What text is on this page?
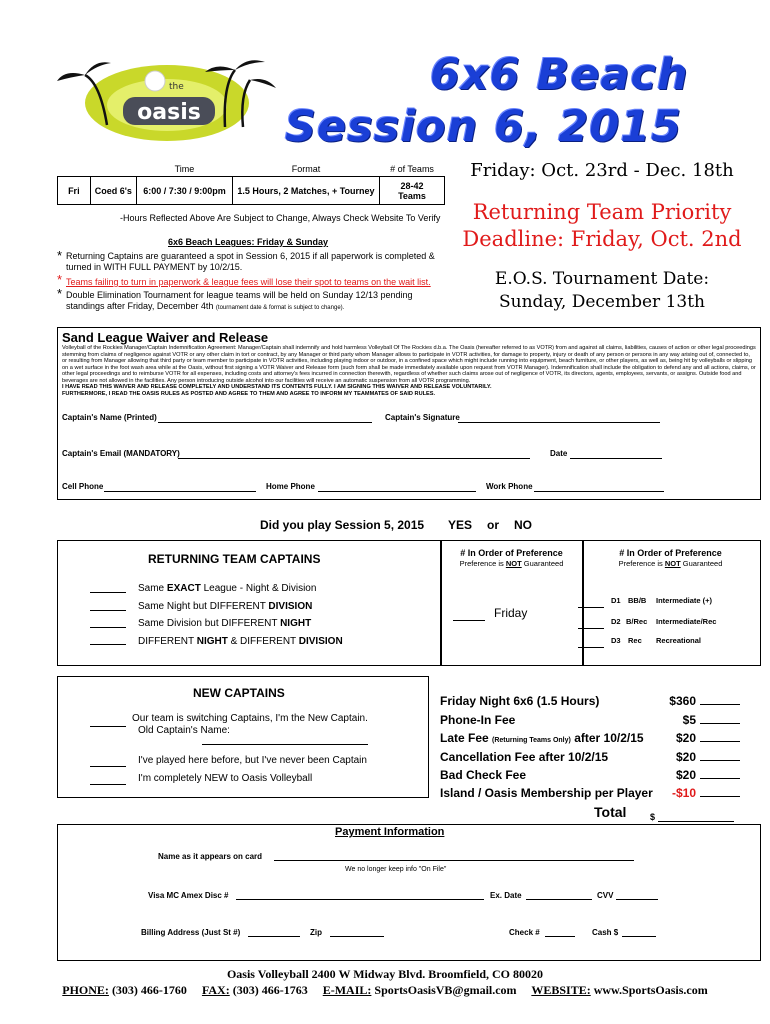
the
oasis
6x6 Beach
Session 6, 2015
		Time	Format	# of Teams
Fri	Coed 6's	6:00 / 7:30 / 9:00pm	1.5 Hours, 2 Matches, + Tourney	28-42
Teams
-Hours Reflected Above Are Subject to Change, Always Check Website To Verify
Friday: Oct. 23rd - Dec. 18th
Returning Team Priority
Deadline: Friday, Oct. 2nd
E.O.S. Tournament Date:
Sunday, December 13th
6x6 Beach Leagues: Friday & Sunday
* Returning Captains are guaranteed a spot in Session 6, 2015 if all paperwork is completed & turned in WITH FULL PAYMENT by 10/2/15.
* Teams failing to turn in paperwork & league fees will lose their spot to teams on the wait list.
* Double Elimination Tournament for league teams will be held on Sunday 12/13 pending standings after Friday, December 4th (tournament date & format is subject to change).
Sand League Waiver and Release
Volleyball of the Rockies Manager/Captain Indemnification Agreement: Manager/Captain shall indemnify and hold harmless Volleyball Of The Rockies d.b.a. The Oasis (hereafter referred to as VOTR) from and against all claims, liabilities, causes of action or other legal proceedings stemming from claims of negligence against VOTR or any other claim in tort or contract, by any Manager or third party whom Manager allows to participate in VOTR activities, for damage to property, injury or death of any person or persons in any way arising out of, connected to, or resulting from Manager allowing that third party or team member to participate in VOTR activities, including playing indoor or outdoor, in a confined space which might include running into equipment, beach furniture, or other players, as well as, being hit by volleyballs or slipping on a wet surface in the foot wash area while at the Oasis, without first signing a VOTR Waiver and Release form (such form shall be made immediately available upon request from VOTR Manager). Indemnification shall include the obligation to defend any and all actions, claims, or other legal proceedings and to reimburse VOTR for all expenses, including costs and attorney's fees incurred in connection therewith, regardless of whether such claims arose out of negligence of VOTR, its directors, agents, employees, servants, or assigns. Outside food and beverages are not allowed in the facilities. Any person introducing outside alcohol into our facilities will receive an automatic suspension from all VOTR programming.
I HAVE READ THIS WAIVER AND RELEASE COMPLETELY AND UNDERSTAND ITS CONTENTS FULLY. I AM SIGNING THIS WAIVER AND RELEASE VOLUNTARILY.
FURTHERMORE, I READ THE OASIS RULES AS POSTED AND AGREE TO THEM AND AGREE TO INFORM MY TEAMMATES OF SAID RULES.
Captain's Name (Printed)	Captain's Signature
Captain's Email (MANDATORY)	Date
Cell Phone	Home Phone	Work Phone
Did you play Session 5, 2015 YES or NO
RETURNING TEAM CAPTAINS
Same EXACT League - Night & Division
Same Night but DIFFERENT DIVISION
Same Division but DIFFERENT NIGHT
DIFFERENT NIGHT & DIFFERENT DIVISION
# In Order of Preference
Preference is NOT Guaranteed
Friday
# In Order of Preference
Preference is NOT Guaranteed
D1 BB/B Intermediate (+)
D2 B/Rec Intermediate/Rec
D3 Rec Recreational
NEW CAPTAINS
Our team is switching Captains, I'm the New Captain.
Old Captain's Name:
I've played here before, but I've never been Captain
I'm completely NEW to Oasis Volleyball
Friday Night 6x6 (1.5 Hours)	$360
Phone-In Fee	$5
Late Fee (Returning Teams Only) after 10/2/15	$20
Cancellation Fee after 10/2/15	$20
Bad Check Fee	$20
Island / Oasis Membership per Player -$10
Total	$
Payment Information
Name as it appears on card
We no longer keep info "On File"
Visa MC Amex Disc #	Ex. Date	CVV
Billing Address (Just St #)	Zip	Check #	Cash $
Oasis Volleyball 2400 W Midway Blvd. Broomfield, CO 80020
PHONE: (303) 466-1760 FAX: (303) 466-1763 E-MAIL: SportsOasisVB@gmail.com WEBSITE: www.SportsOasis.com
